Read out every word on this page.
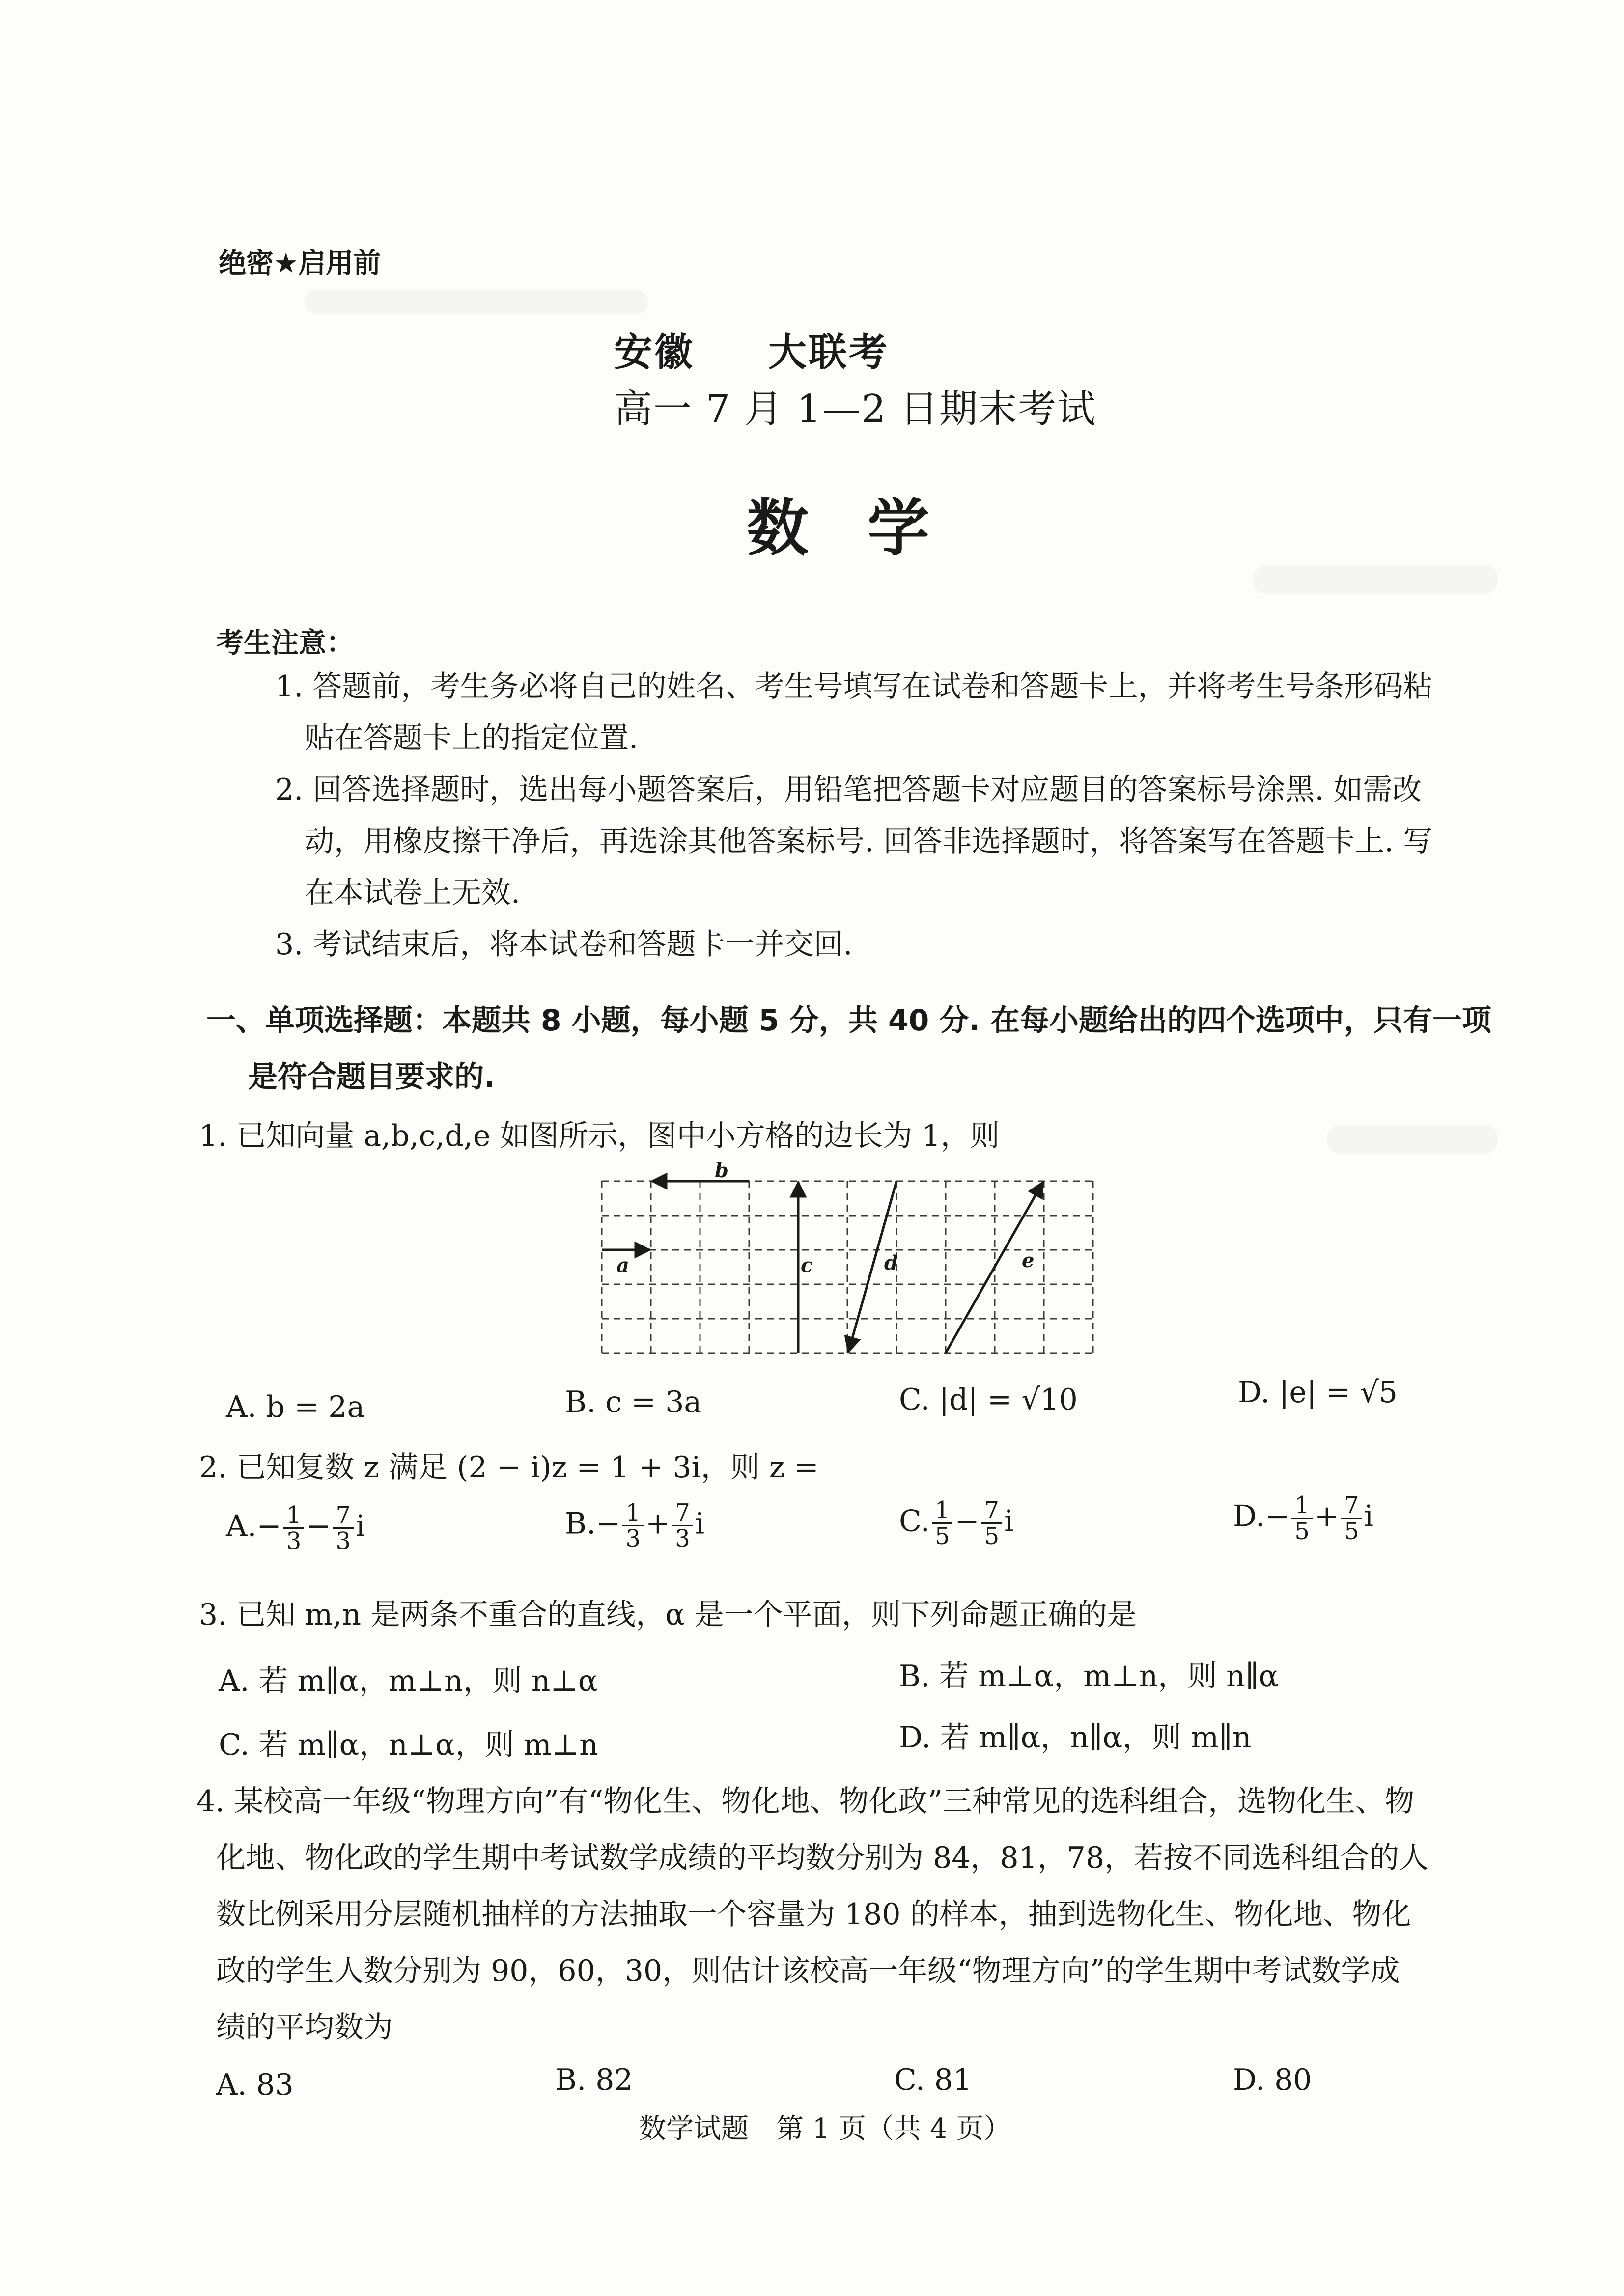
绝密★启用前
安徽 大联考
高一 7 月 1—2 日期末考试
数学
考生注意：
1. 答题前，考生务必将自己的姓名、考生号填写在试卷和答题卡上，并将考生号条形码粘
贴在答题卡上的指定位置.
2. 回答选择题时，选出每小题答案后，用铅笔把答题卡对应题目的答案标号涂黑. 如需改
动，用橡皮擦干净后，再选涂其他答案标号. 回答非选择题时，将答案写在答题卡上. 写
在本试卷上无效.
3. 考试结束后，将本试卷和答题卡一并交回.
一、单项选择题：本题共 8 小题，每小题 5 分，共 40 分. 在每小题给出的四个选项中，只有一项
是符合题目要求的.
1. 已知向量 a,b,c,d,e 如图所示，图中小方格的边长为 1，则
a
b
c	d	e
A. b = 2a	B. c = 3a	C. |d| = √10	D. |e| = √5
2. 已知复数 z 满足 (2 − i)z = 1 + 3i，则 z =
$A.- \frac{1}{3} - \frac{7}{3}$ i	$B.- \frac{1}{3} + \frac{7}{3}$ i	C. $\frac{1}{5} - \frac{7}{5}$ i	$D.- \frac{1}{5} + \frac{7}{5}$ i
3. 已知 m,n 是两条不重合的直线，α 是一个平面，则下列命题正确的是
A. 若 m∥α，m⊥n，则 n⊥α	B. 若 m⊥α，m⊥n，则 n∥α
C. 若 m∥α，n⊥α，则 m⊥n	D. 若 m∥α，n∥α，则 m∥n
4. 某校高一年级“物理方向”有“物化生、物化地、物化政”三种常见的选科组合，选物化生、物
化地、物化政的学生期中考试数学成绩的平均数分别为 84，81，78，若按不同选科组合的人
数比例采用分层随机抽样的方法抽取一个容量为 180 的样本，抽到选物化生、物化地、物化
政的学生人数分别为 90，60，30，则估计该校高一年级“物理方向”的学生期中考试数学成
绩的平均数为
A. 83	B. 82	C. 81	D. 80
数学试题　第 1 页（共 4 页）
